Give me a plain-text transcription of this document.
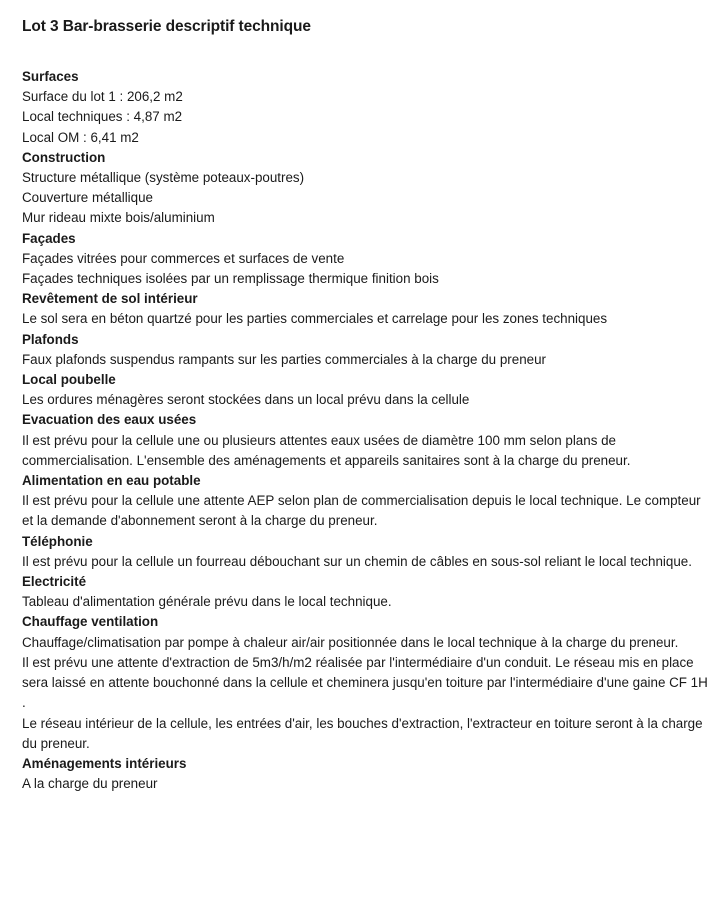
Lot 3 Bar-brasserie descriptif technique
Surfaces
Surface du lot 1 : 206,2 m2
Local techniques : 4,87 m2
Local OM : 6,41 m2
Construction
Structure métallique (système poteaux-poutres)
Couverture métallique
Mur rideau mixte bois/aluminium
Façades
Façades vitrées pour commerces et surfaces de vente
Façades techniques isolées par un remplissage thermique finition bois
Revêtement de sol intérieur
Le sol sera en béton quartzé pour les parties commerciales et carrelage pour les zones techniques
Plafonds
Faux plafonds suspendus rampants sur les parties commerciales à la charge du preneur
Local poubelle
Les ordures ménagères seront stockées dans un local prévu dans la cellule
Evacuation des eaux usées
Il est prévu pour la cellule une ou plusieurs attentes eaux usées de diamètre 100 mm selon plans de commercialisation. L'ensemble des aménagements et appareils sanitaires sont à la charge du preneur.
Alimentation en eau potable
Il est prévu pour la cellule une attente AEP selon plan de commercialisation depuis le local technique. Le compteur et la demande d'abonnement seront à la charge du preneur.
Téléphonie
Il est prévu pour la cellule un fourreau débouchant sur un chemin de câbles en sous-sol reliant le local technique.
Electricité
Tableau d'alimentation générale prévu dans le local technique.
Chauffage ventilation
Chauffage/climatisation par pompe à chaleur air/air positionnée dans le local technique à la charge du preneur.
Il est prévu une attente d'extraction de 5m3/h/m2 réalisée par l'intermédiaire d'un conduit. Le réseau mis en place sera laissé en attente bouchonné dans la cellule et cheminera jusqu'en toiture par l'intermédiaire d'une gaine CF 1H .
Le réseau intérieur de la cellule, les entrées d'air, les bouches d'extraction, l'extracteur en toiture seront à la charge du preneur.
Aménagements intérieurs
A la charge du preneur
